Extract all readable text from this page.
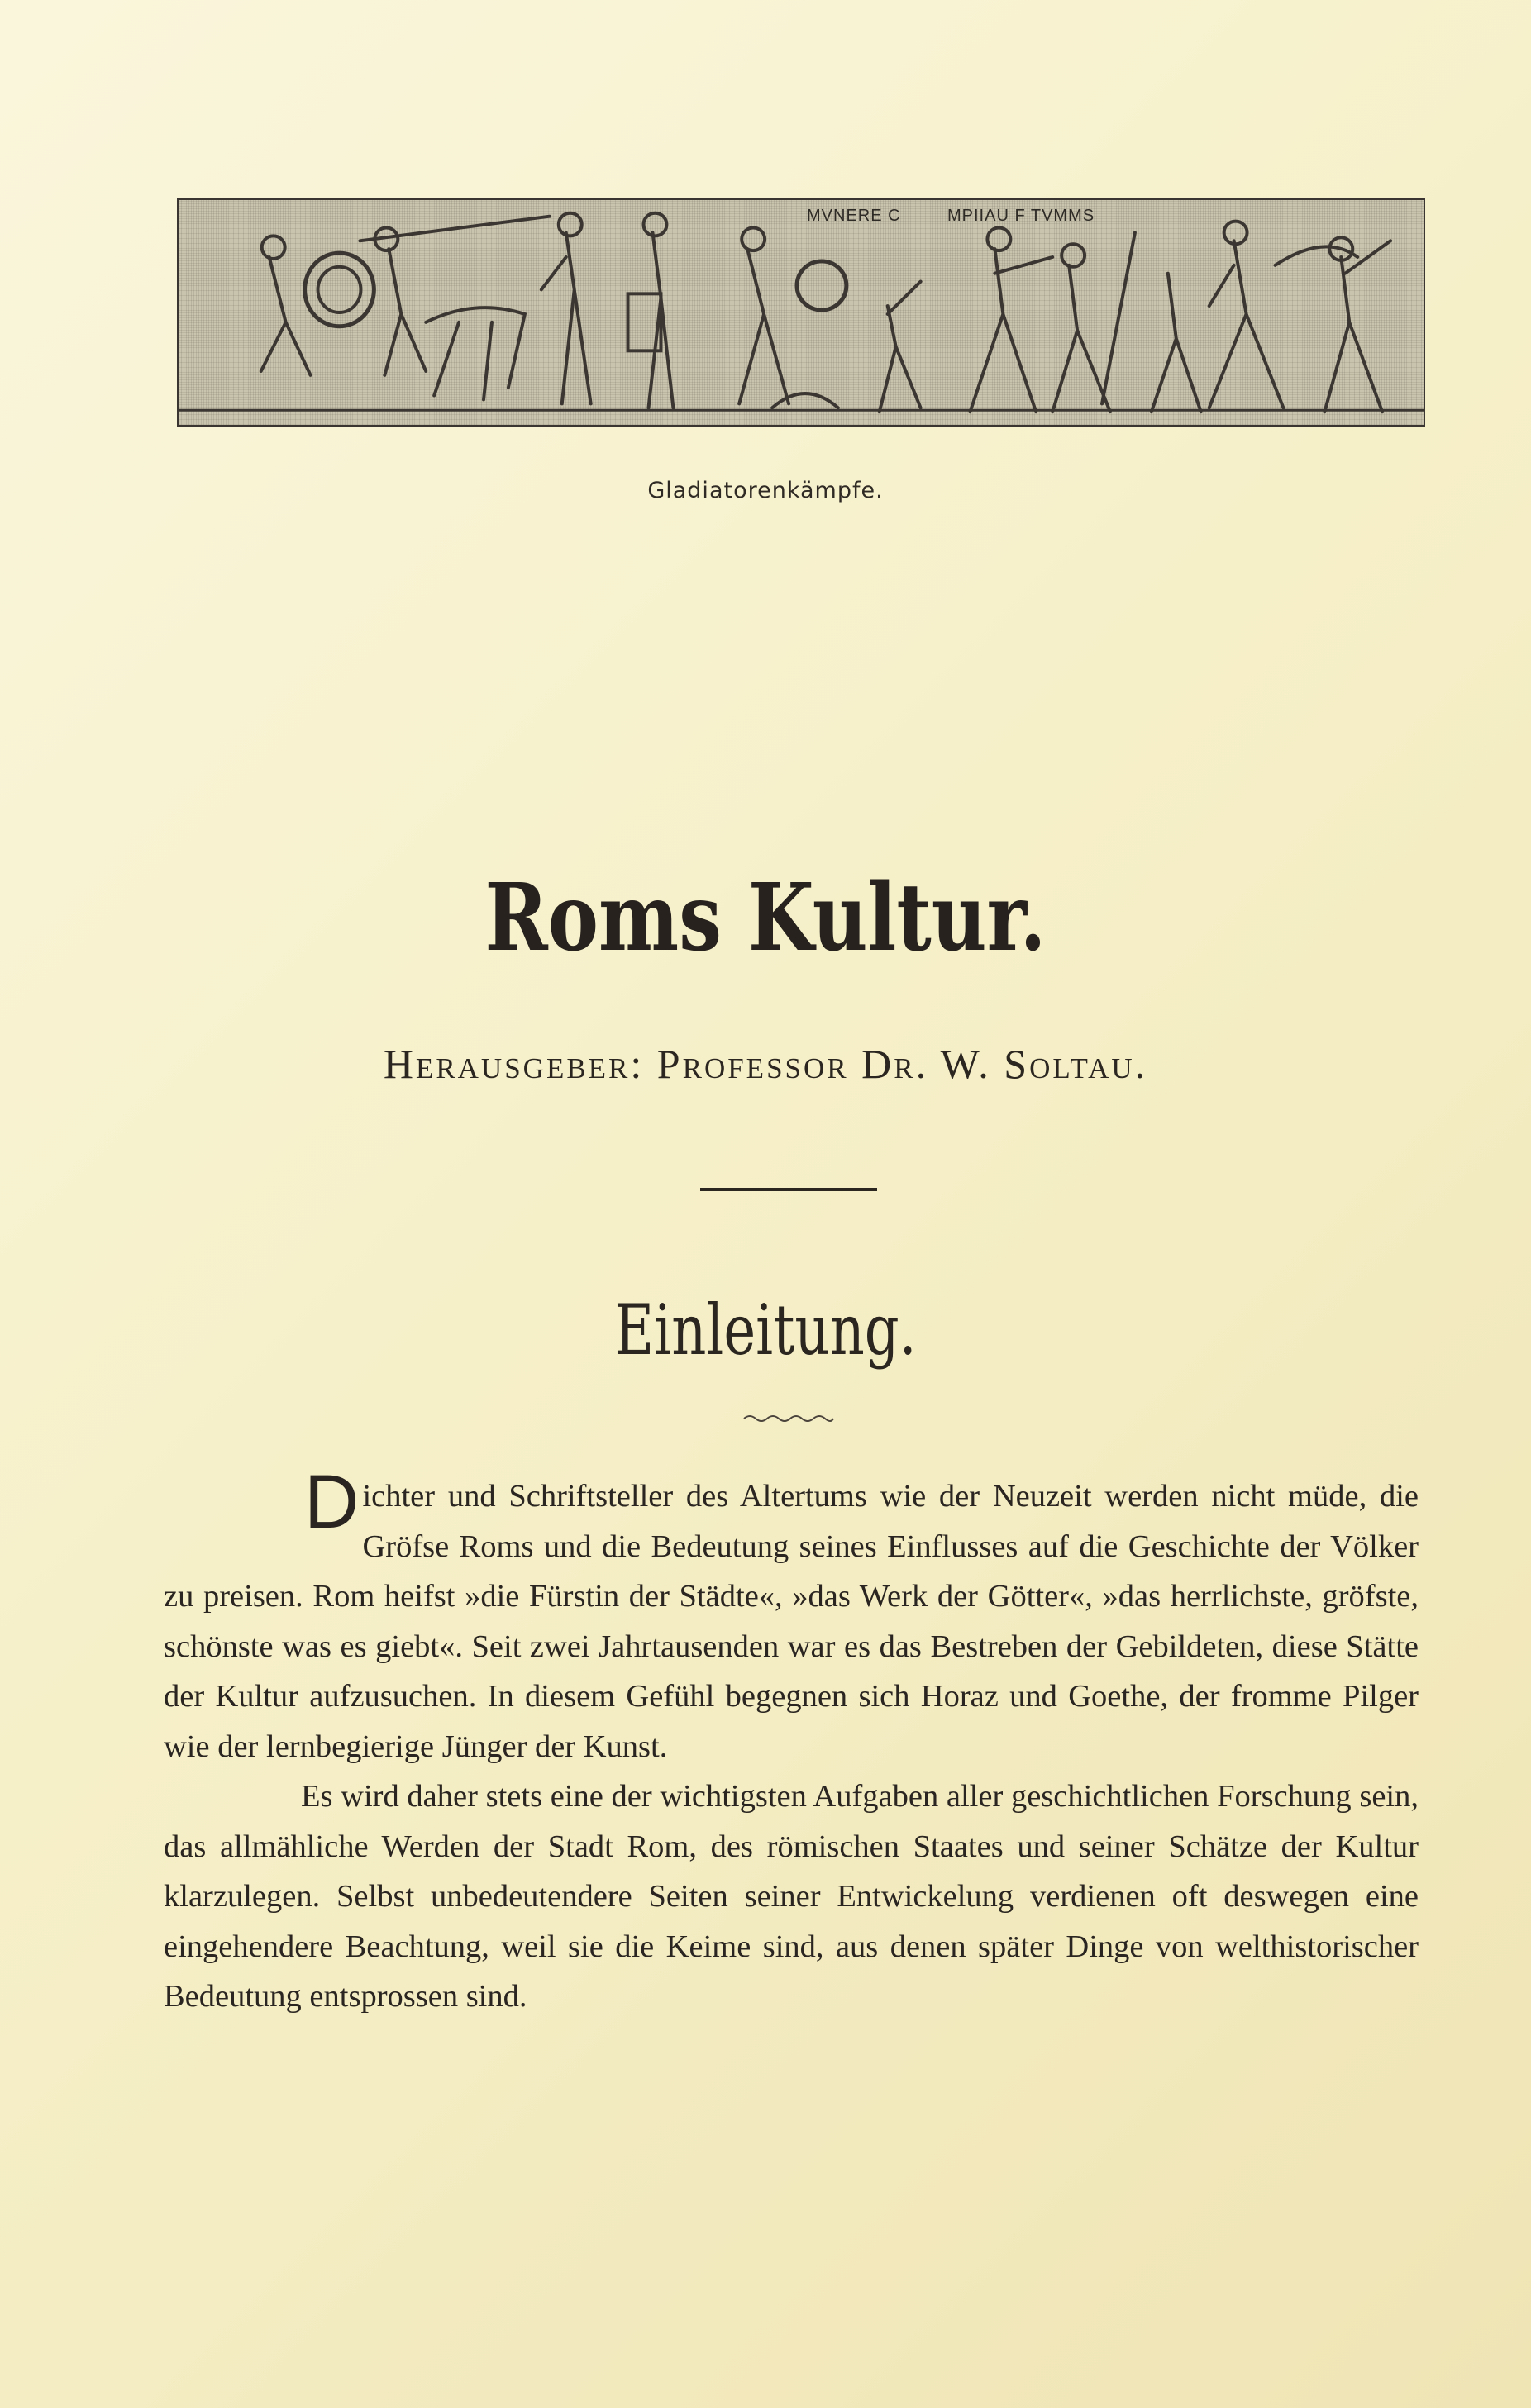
MVNERE C	MPIIAU F TVMMS
Gladiatorenkämpfe.
Roms Kultur.
Herausgeber: Professor Dr. W. Soltau.
Einleitung.

Dichter und Schriftsteller des Altertums wie der Neuzeit werden nicht müde, die Gröfse Roms und die Bedeutung seines Einflusses auf die Geschichte der Völker zu preisen. Rom heifst »die Fürstin der Städte«, »das Werk der Götter«, »das herrlichste, gröfste, schönste was es giebt«. Seit zwei Jahrtausenden war es das Bestreben der Gebildeten, diese Stätte der Kultur aufzusuchen. In diesem Gefühl begegnen sich Horaz und Goethe, der fromme Pilger wie der lernbegierige Jünger der Kunst.

Es wird daher stets eine der wichtigsten Aufgaben aller geschichtlichen Forschung sein, das allmähliche Werden der Stadt Rom, des römischen Staates und seiner Schätze der Kultur klarzulegen. Selbst unbedeutendere Seiten seiner Entwickelung verdienen oft deswegen eine eingehendere Beachtung, weil sie die Keime sind, aus denen später Dinge von welthistorischer Bedeutung entsprossen sind.
